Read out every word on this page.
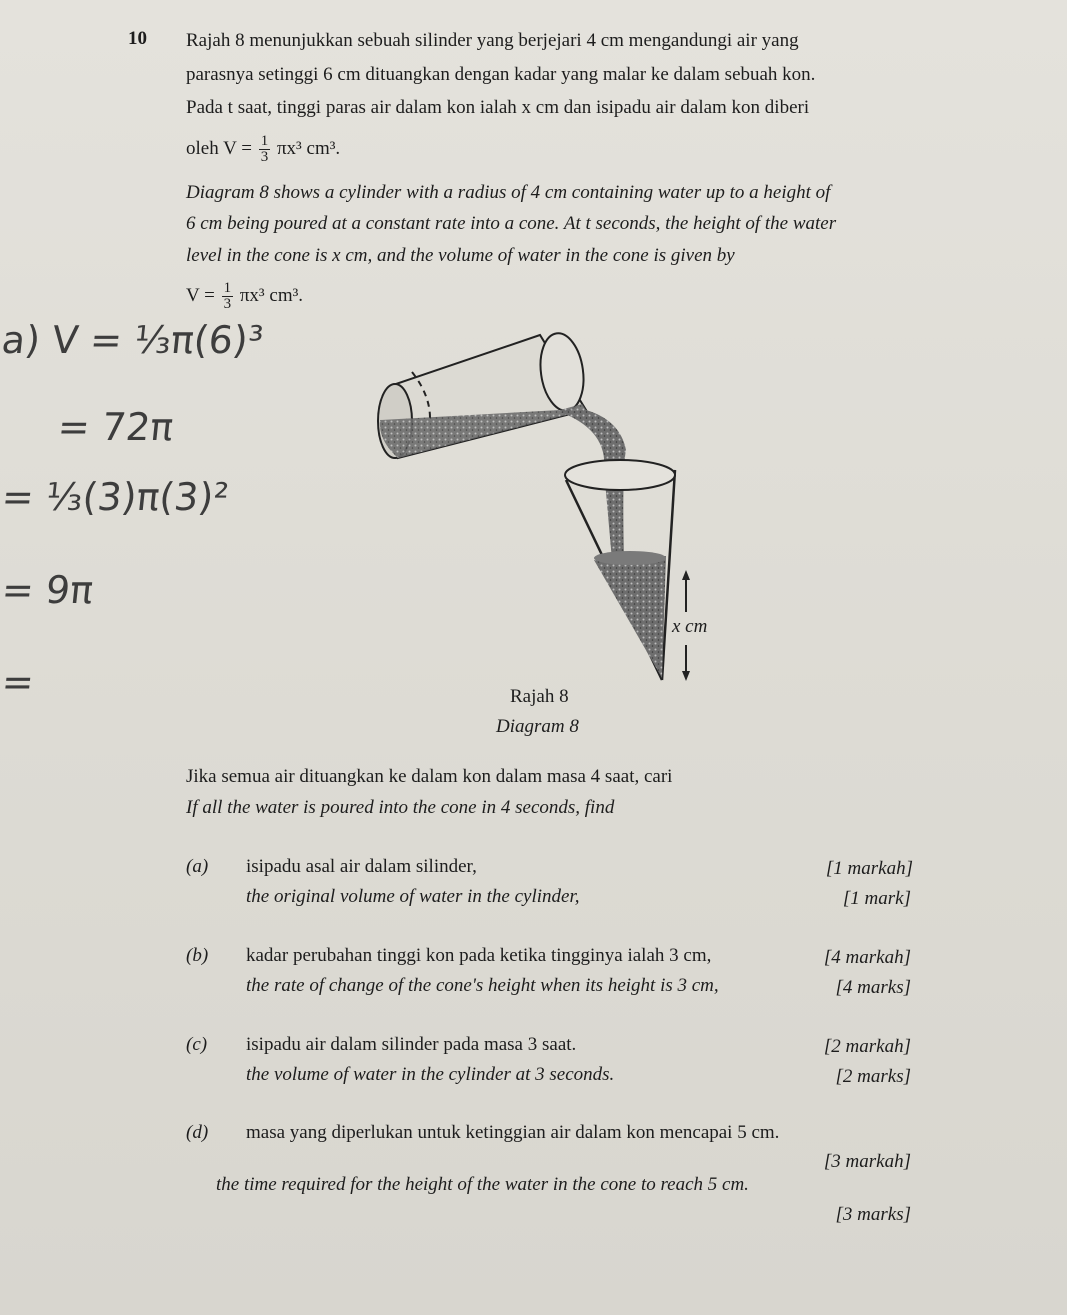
10 Rajah 8 menunjukkan sebuah silinder yang berjejari 4 cm mengandungi air yang
parasnya setinggi 6 cm dituangkan dengan kadar yang malar ke dalam sebuah kon.
Pada t saat, tinggi paras air dalam kon ialah x cm dan isipadu air dalam kon diberi
oleh $V = \frac{1}{3} \pi x^3$ cm³.
Diagram 8 shows a cylinder with a radius of 4 cm containing water up to a height of
6 cm being poured at a constant rate into a cone. At t seconds, the height of the water
level in the cone is x cm, and the volume of water in the cone is given by
$V = \frac{1}{3} \pi x^3$ cm³.
a) V = ⅓π(6)³
= 72π
= ⅓(3)π(3)²
= 9π
=
x cm
Rajah 8
Diagram 8
Jika semua air dituangkan ke dalam kon dalam masa 4 saat, cari
If all the water is poured into the cone in 4 seconds, find
(a) isipadu asal air dalam silinder,	[1 markah]
the original volume of water in the cylinder,	[1 mark]
(b) kadar perubahan tinggi kon pada ketika tingginya ialah 3 cm,	[4 markah]
the rate of change of the cone's height when its height is 3 cm,	[4 marks]
(c) isipadu air dalam silinder pada masa 3 saat.	[2 markah]
the volume of water in the cylinder at 3 seconds.	[2 marks]
(d) masa yang diperlukan untuk ketinggian air dalam kon mencapai 5 cm.
[3 markah]
the time required for the height of the water in the cone to reach 5 cm.
[3 marks]
